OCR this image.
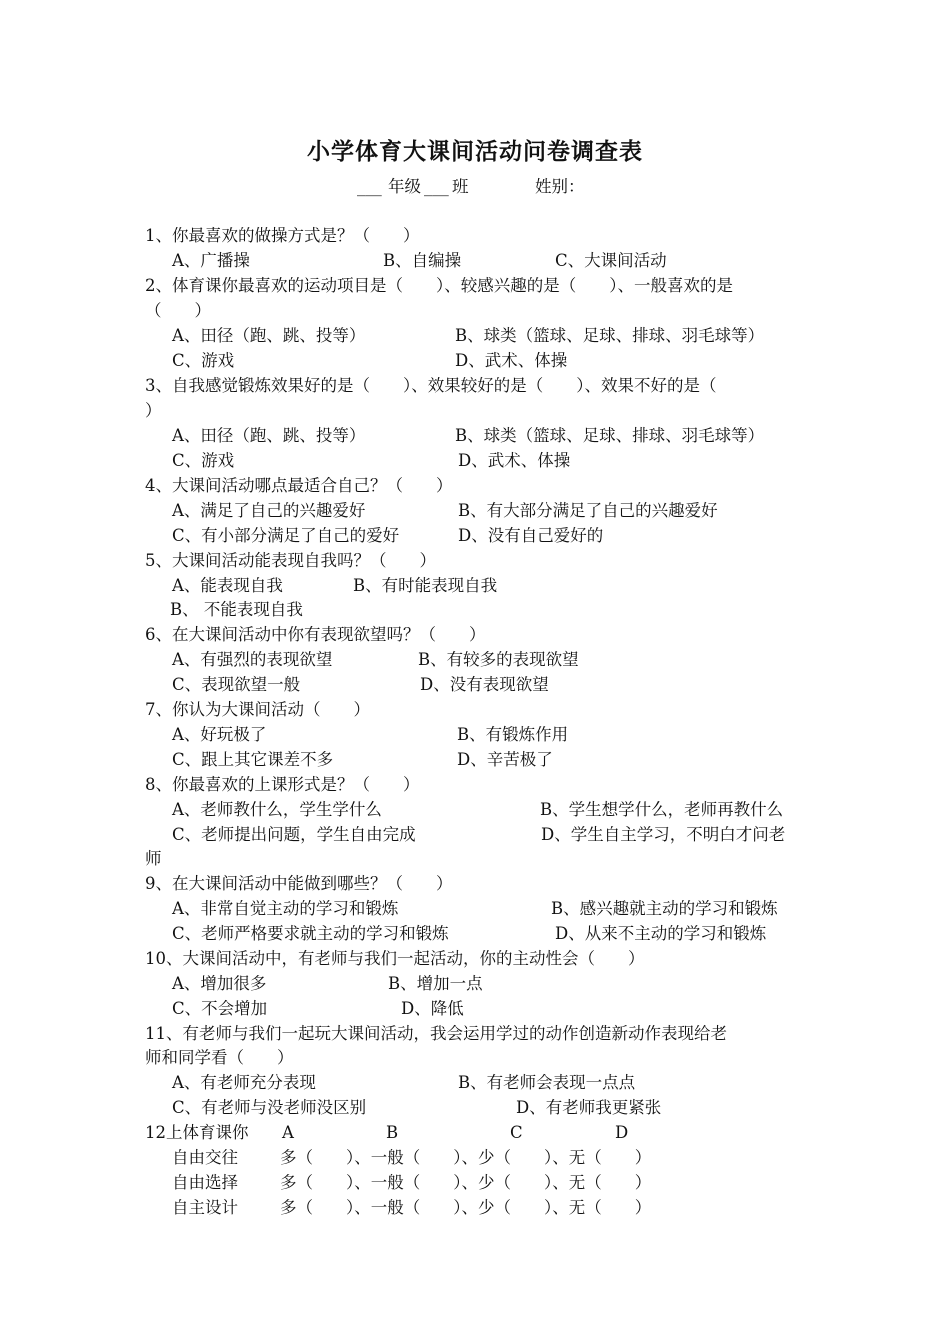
小学体育大课间活动问卷调查表
___ 年级 ___ 班	姓别：
1、你最喜欢的做操方式是？（　　）
A、广播操	B、自编操	C、大课间活动
2、体育课你最喜欢的运动项目是（　　）、较感兴趣的是（　　）、一般喜欢的是
（　　）
A、田径（跑、跳、投等）	B、球类（篮球、足球、排球、羽毛球等）
C、游戏	D、武术、体操
3、自我感觉锻炼效果好的是（　　）、效果较好的是（　　）、效果不好的是（
）
A、田径（跑、跳、投等）	B、球类（篮球、足球、排球、羽毛球等）
C、游戏	D、武术、体操
4、大课间活动哪点最适合自己？（　　）
A、满足了自己的兴趣爱好	B、有大部分满足了自己的兴趣爱好
C、有小部分满足了自己的爱好	D、没有自己爱好的
5、大课间活动能表现自我吗？（　　）
A、能表现自我	B、有时能表现自我
B、 不能表现自我
6、在大课间活动中你有表现欲望吗？（　　）
A、有强烈的表现欲望	B、有较多的表现欲望
C、表现欲望一般	D、没有表现欲望
7、你认为大课间活动（　　）
A、好玩极了	B、有锻炼作用
C、跟上其它课差不多	D、辛苦极了
8、你最喜欢的上课形式是？（　　）
A、老师教什么，学生学什么	B、学生想学什么，老师再教什么
C、老师提出问题，学生自由完成	D、学生自主学习，不明白才问老
师
9、在大课间活动中能做到哪些？（　　）
A、非常自觉主动的学习和锻炼	B、感兴趣就主动的学习和锻炼
C、老师严格要求就主动的学习和锻炼	D、从来不主动的学习和锻炼
10、大课间活动中，有老师与我们一起活动，你的主动性会（　　）
A、增加很多	B、增加一点
C、不会增加	D、降低
11、有老师与我们一起玩大课间活动，我会运用学过的动作创造新动作表现给老
师和同学看（　　）
A、有老师充分表现	B、有老师会表现一点点
C、有老师与没老师没区别	D、有老师我更紧张
12上体育课你 A	B	C	D
自由交往	多（　　）、一般（　　）、少（　　）、无（　　）
自由选择	多（　　）、一般（　　）、少（　　）、无（　　）
自主设计	多（　　）、一般（　　）、少（　　）、无（　　）
